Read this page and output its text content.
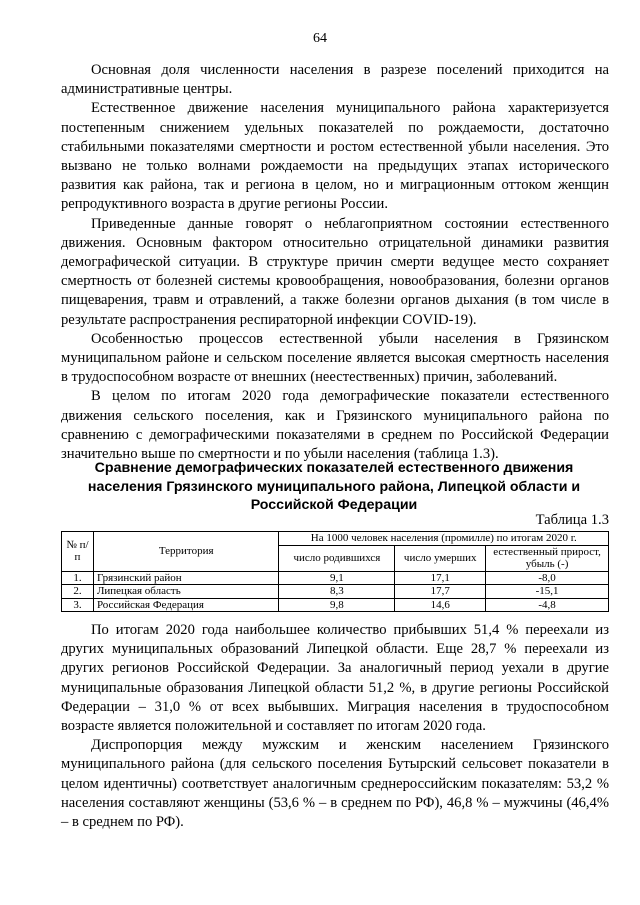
64

Основная доля численности населения в разрезе поселений приходится на административные центры.

Естественное движение населения муниципального района характеризуется постепенным снижением удельных показателей по рождаемости, достаточно стабильными показателями смертности и ростом естественной убыли населения. Это вызвано не только волнами рождаемости на предыдущих этапах исторического развития как района, так и региона в целом, но и миграционным оттоком женщин репродуктивного возраста в другие регионы России.

Приведенные данные говорят о неблагоприятном состоянии естественного движения. Основным фактором относительно отрицательной динамики развития демографической ситуации. В структуре причин смерти ведущее место сохраняет смертность от болезней системы кровообращения, новообразования, болезни органов пищеварения, травм и отравлений, а также болезни органов дыхания (в том числе в результате распространения респираторной инфекции COVID-19).

Особенностью процессов естественной убыли населения в Грязинском муниципальном районе и сельском поселение является высокая смертность населения в трудоспособном возрасте от внешних (неестественных) причин, заболеваний.

В целом по итогам 2020 года демографические показатели естественного движения сельского поселения, как и Грязинского муниципального района по сравнению с демографическими показателями в среднем по Российской Федерации значительно выше по смертности и по убыли населения (таблица 1.3).

Сравнение демографических показателей естественного движения населения Грязинского муниципального района, Липецкой области и Российской Федерации
Таблица 1.3
№ п/п	Территория	На 1000 человек населения (промилле) по итогам 2020 г.		
		число родившихся	число умерших	естественный прирост, убыль (-)
1.	Грязинский район	9,1	17,1	-8,0
2.	Липецкая область	8,3	17,7	-15,1
3.	Российская Федерация	9,8	14,6	-4,8

По итогам 2020 года наибольшее количество прибывших 51,4 % переехали из других муниципальных образований Липецкой области. Еще 28,7 % переехали из других регионов Российской Федерации. За аналогичный период уехали в другие муниципальные образования Липецкой области 51,2 %, в другие регионы Российской Федерации – 31,0 % от всех выбывших. Миграция населения в трудоспособном возрасте является положительной и составляет по итогам 2020 года.

Диспропорция между мужским и женским населением Грязинского муниципального района (для сельского поселения Бутырский сельсовет показатели в целом идентичны) соответствует аналогичным среднероссийским показателям: 53,2 % населения составляют женщины (53,6 % – в среднем по РФ), 46,8 % – мужчины (46,4% – в среднем по РФ).
